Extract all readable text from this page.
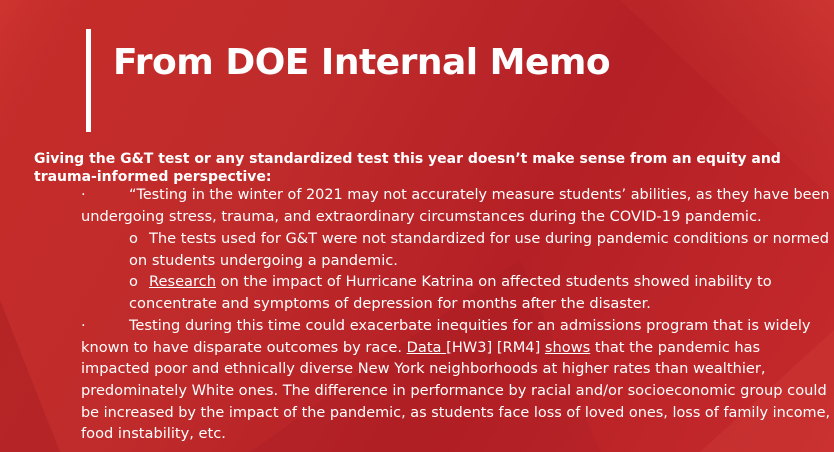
From DOE Internal Memo
Giving the G&T test or any standardized test this year doesn’t make sense from an equity and
trauma-informed perspective:
·	“Testing in the winter of 2021 may not accurately measure students’ abilities, as they have been
undergoing stress, trauma, and extraordinary circumstances during the COVID-19 pandemic.
o The tests used for G&T were not standardized for use during pandemic conditions or normed
on students undergoing a pandemic.
o Research on the impact of Hurricane Katrina on affected students showed inability to
concentrate and symptoms of depression for months after the disaster.
·	Testing during this time could exacerbate inequities for an admissions program that is widely
known to have disparate outcomes by race. Data [HW3] [RM4] shows that the pandemic has
impacted poor and ethnically diverse New York neighborhoods at higher rates than wealthier,
predominately White ones. The difference in performance by racial and/or socioeconomic group could
be increased by the impact of the pandemic, as students face loss of loved ones, loss of family income,
food instability, etc.
